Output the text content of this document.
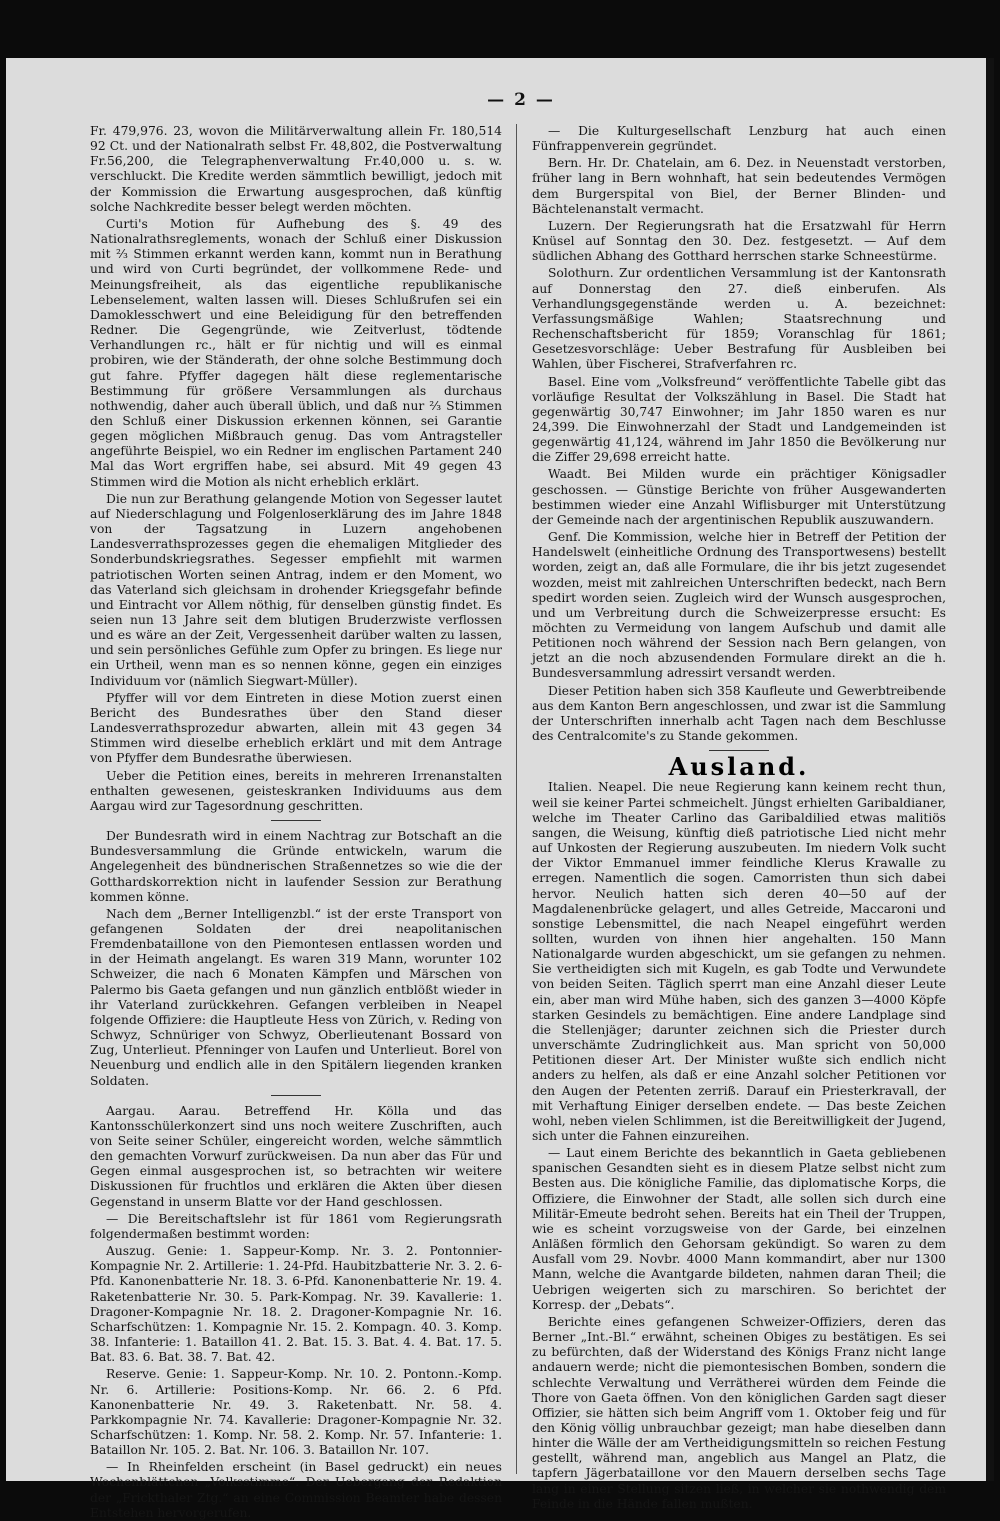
— 2 —

Fr. 479,976. 23, wovon die Militärverwaltung allein Fr. 180,514 92 Ct. und der Nationalrath selbst Fr. 48,802, die Postverwaltung Fr.56,200, die Telegraphenverwaltung Fr.40,000 u. s. w. verschluckt. Die Kredite werden sämmtlich bewilligt, jedoch mit der Kommission die Erwartung ausgesprochen, daß künftig solche Nachkredite besser belegt werden möchten.

Curti's Motion für Aufhebung des §. 49 des Nationalrathsreglements, wonach der Schluß einer Diskussion mit ⅔ Stimmen erkannt werden kann, kommt nun in Berathung und wird von Curti begründet, der vollkommene Rede- und Meinungsfreiheit, als das eigentliche republikanische Lebenselement, walten lassen will. Dieses Schlußrufen sei ein Damoklesschwert und eine Beleidigung für den betreffenden Redner. Die Gegengründe, wie Zeitverlust, tödtende Verhandlungen rc., hält er für nichtig und will es einmal probiren, wie der Ständerath, der ohne solche Bestimmung doch gut fahre. Pfyffer dagegen hält diese reglementarische Bestimmung für größere Versammlungen als durchaus nothwendig, daher auch überall üblich, und daß nur ⅔ Stimmen den Schluß einer Diskussion erkennen können, sei Garantie gegen möglichen Mißbrauch genug. Das vom Antragsteller angeführte Beispiel, wo ein Redner im englischen Partament 240 Mal das Wort ergriffen habe, sei absurd. Mit 49 gegen 43 Stimmen wird die Motion als nicht erheblich erklärt.

Die nun zur Berathung gelangende Motion von Segesser lautet auf Niederschlagung und Folgenloserklärung des im Jahre 1848 von der Tagsatzung in Luzern angehobenen Landesverrathsprozesses gegen die ehemaligen Mitglieder des Sonderbundskriegsrathes. Segesser empfiehlt mit warmen patriotischen Worten seinen Antrag, indem er den Moment, wo das Vaterland sich gleichsam in drohender Kriegsgefahr befinde und Eintracht vor Allem nöthig, für denselben günstig findet. Es seien nun 13 Jahre seit dem blutigen Bruderzwiste verflossen und es wäre an der Zeit, Vergessenheit darüber walten zu lassen, und sein persönliches Gefühle zum Opfer zu bringen. Es liege nur ein Urtheil, wenn man es so nennen könne, gegen ein einziges Individuum vor (nämlich Siegwart-Müller).

Pfyffer will vor dem Eintreten in diese Motion zuerst einen Bericht des Bundesrathes über den Stand dieser Landesverrathsprozedur abwarten, allein mit 43 gegen 34 Stimmen wird dieselbe erheblich erklärt und mit dem Antrage von Pfyffer dem Bundesrathe überwiesen.

Ueber die Petition eines, bereits in mehreren Irrenanstalten enthalten gewesenen, geisteskranken Individuums aus dem Aargau wird zur Tagesordnung geschritten.

Der Bundesrath wird in einem Nachtrag zur Botschaft an die Bundesversammlung die Gründe entwickeln, warum die Angelegenheit des bündnerischen Straßennetzes so wie die der Gotthardskorrektion nicht in laufender Session zur Berathung kommen könne.

Nach dem „Berner Intelligenzbl.“ ist der erste Transport von gefangenen Soldaten der drei neapolitanischen Fremdenbataillone von den Piemontesen entlassen worden und in der Heimath angelangt. Es waren 319 Mann, worunter 102 Schweizer, die nach 6 Monaten Kämpfen und Märschen von Palermo bis Gaeta gefangen und nun gänzlich entblößt wieder in ihr Vaterland zurückkehren. Gefangen verbleiben in Neapel folgende Offiziere: die Hauptleute Hess von Zürich, v. Reding von Schwyz, Schnüriger von Schwyz, Oberlieutenant Bossard von Zug, Unterlieut. Pfenninger von Laufen und Unterlieut. Borel von Neuenburg und endlich alle in den Spitälern liegenden kranken Soldaten.

Aargau. Aarau. Betreffend Hr. Kölla und das Kantonsschülerkonzert sind uns noch weitere Zuschriften, auch von Seite seiner Schüler, eingereicht worden, welche sämmtlich den gemachten Vorwurf zurückweisen. Da nun aber das Für und Gegen einmal ausgesprochen ist, so betrachten wir weitere Diskussionen für fruchtlos und erklären die Akten über diesen Gegenstand in unserm Blatte vor der Hand geschlossen.

— Die Bereitschaftslehr ist für 1861 vom Regierungsrath folgendermaßen bestimmt worden:

Auszug. Genie: 1. Sappeur-Komp. Nr. 3. 2. Pontonnier-Kompagnie Nr. 2. Artillerie: 1. 24-Pfd. Haubitzbatterie Nr. 3. 2. 6-Pfd. Kanonenbatterie Nr. 18. 3. 6-Pfd. Kanonenbatterie Nr. 19. 4. Raketenbatterie Nr. 30. 5. Park-Kompag. Nr. 39. Kavallerie: 1. Dragoner-Kompagnie Nr. 18. 2. Dragoner-Kompagnie Nr. 16. Scharfschützen: 1. Kompagnie Nr. 15. 2. Kompagn. 40. 3. Komp. 38. Infanterie: 1. Bataillon 41. 2. Bat. 15. 3. Bat. 4. 4. Bat. 17. 5. Bat. 83. 6. Bat. 38. 7. Bat. 42.

Reserve. Genie: 1. Sappeur-Komp. Nr. 10. 2. Pontonn.-Komp. Nr. 6. Artillerie: Positions-Komp. Nr. 66. 2. 6 Pfd. Kanonenbatterie Nr. 49. 3. Raketenbatt. Nr. 58. 4. Parkkompagnie Nr. 74. Kavallerie: Dragoner-Kompagnie Nr. 32. Scharfschützen: 1. Komp. Nr. 58. 2. Komp. Nr. 57. Infanterie: 1. Bataillon Nr. 105. 2. Bat. Nr. 106. 3. Bataillon Nr. 107.

— In Rheinfelden erscheint (in Basel gedruckt) ein neues Wochenblättchen „Volksstimme“. Der Uebergang der Redaktion der „Frickthaler Ztg.“ an eine Commission Beamter habe dessen Entstehen hervorgerufen.

— Die Kulturgesellschaft Lenzburg hat auch einen Fünfrappenverein gegründet.

Bern. Hr. Dr. Chatelain, am 6. Dez. in Neuenstadt verstorben, früher lang in Bern wohnhaft, hat sein bedeutendes Vermögen dem Burgerspital von Biel, der Berner Blinden- und Bächtelenanstalt vermacht.

Luzern. Der Regierungsrath hat die Ersatzwahl für Herrn Knüsel auf Sonntag den 30. Dez. festgesetzt. — Auf dem südlichen Abhang des Gotthard herrschen starke Schneestürme.

Solothurn. Zur ordentlichen Versammlung ist der Kantonsrath auf Donnerstag den 27. dieß einberufen. Als Verhandlungsgegenstände werden u. A. bezeichnet: Verfassungsmäßige Wahlen; Staatsrechnung und Rechenschaftsbericht für 1859; Voranschlag für 1861; Gesetzesvorschläge: Ueber Bestrafung für Ausbleiben bei Wahlen, über Fischerei, Strafverfahren rc.

Basel. Eine vom „Volksfreund“ veröffentlichte Tabelle gibt das vorläufige Resultat der Volkszählung in Basel. Die Stadt hat gegenwärtig 30,747 Einwohner; im Jahr 1850 waren es nur 24,399. Die Einwohnerzahl der Stadt und Landgemeinden ist gegenwärtig 41,124, während im Jahr 1850 die Bevölkerung nur die Ziffer 29,698 erreicht hatte.

Waadt. Bei Milden wurde ein prächtiger Königsadler geschossen. — Günstige Berichte von früher Ausgewanderten bestimmen wieder eine Anzahl Wiflisburger mit Unterstützung der Gemeinde nach der argentinischen Republik auszuwandern.

Genf. Die Kommission, welche hier in Betreff der Petition der Handelswelt (einheitliche Ordnung des Transportwesens) bestellt worden, zeigt an, daß alle Formulare, die ihr bis jetzt zugesendet wozden, meist mit zahlreichen Unterschriften bedeckt, nach Bern spedirt worden seien. Zugleich wird der Wunsch ausgesprochen, und um Verbreitung durch die Schweizerpresse ersucht: Es möchten zu Vermeidung von langem Aufschub und damit alle Petitionen noch während der Session nach Bern gelangen, von jetzt an die noch abzusendenden Formulare direkt an die h. Bundesversammlung adressirt versandt werden.

Dieser Petition haben sich 358 Kaufleute und Gewerbtreibende aus dem Kanton Bern angeschlossen, und zwar ist die Sammlung der Unterschriften innerhalb acht Tagen nach dem Beschlusse des Centralcomite's zu Stande gekommen.

Ausland.

Italien. Neapel. Die neue Regierung kann keinem recht thun, weil sie keiner Partei schmeichelt. Jüngst erhielten Garibaldianer, welche im Theater Carlino das Garibaldilied etwas malitiös sangen, die Weisung, künftig dieß patriotische Lied nicht mehr auf Unkosten der Regierung auszubeuten. Im niedern Volk sucht der Viktor Emmanuel immer feindliche Klerus Krawalle zu erregen. Namentlich die sogen. Camorristen thun sich dabei hervor. Neulich hatten sich deren 40—50 auf der Magdalenenbrücke gelagert, und alles Getreide, Maccaroni und sonstige Lebensmittel, die nach Neapel eingeführt werden sollten, wurden von ihnen hier angehalten. 150 Mann Nationalgarde wurden abgeschickt, um sie gefangen zu nehmen. Sie vertheidigten sich mit Kugeln, es gab Todte und Verwundete von beiden Seiten. Täglich sperrt man eine Anzahl dieser Leute ein, aber man wird Mühe haben, sich des ganzen 3—4000 Köpfe starken Gesindels zu bemächtigen. Eine andere Landplage sind die Stellenjäger; darunter zeichnen sich die Priester durch unverschämte Zudringlichkeit aus. Man spricht von 50,000 Petitionen dieser Art. Der Minister wußte sich endlich nicht anders zu helfen, als daß er eine Anzahl solcher Petitionen vor den Augen der Petenten zerriß. Darauf ein Priesterkravall, der mit Verhaftung Einiger derselben endete. — Das beste Zeichen wohl, neben vielen Schlimmen, ist die Bereitwilligkeit der Jugend, sich unter die Fahnen einzureihen.

— Laut einem Berichte des bekanntlich in Gaeta gebliebenen spanischen Gesandten sieht es in diesem Platze selbst nicht zum Besten aus. Die königliche Familie, das diplomatische Korps, die Offiziere, die Einwohner der Stadt, alle sollen sich durch eine Militär-Emeute bedroht sehen. Bereits hat ein Theil der Truppen, wie es scheint vorzugsweise von der Garde, bei einzelnen Anläßen förmlich den Gehorsam gekündigt. So waren zu dem Ausfall vom 29. Novbr. 4000 Mann kommandirt, aber nur 1300 Mann, welche die Avantgarde bildeten, nahmen daran Theil; die Uebrigen weigerten sich zu marschiren. So berichtet der Korresp. der „Debats“.

Berichte eines gefangenen Schweizer-Offiziers, deren das Berner „Int.-Bl.“ erwähnt, scheinen Obiges zu bestätigen. Es sei zu befürchten, daß der Widerstand des Königs Franz nicht lange andauern werde; nicht die piemontesischen Bomben, sondern die schlechte Verwaltung und Verrätherei würden dem Feinde die Thore von Gaeta öffnen. Von den königlichen Garden sagt dieser Offizier, sie hätten sich beim Angriff vom 1. Oktober feig und für den König völlig unbrauchbar gezeigt; man habe dieselben dann hinter die Wälle der am Vertheidigungsmitteln so reichen Festung gestellt, während man, angeblich aus Mangel an Platz, die tapfern Jägerbataillone vor den Mauern derselben sechs Tage lang in einer Stellung sitzen ließ, in welcher sie nothwendig dem Feinde in die Hände fallen mußten.
